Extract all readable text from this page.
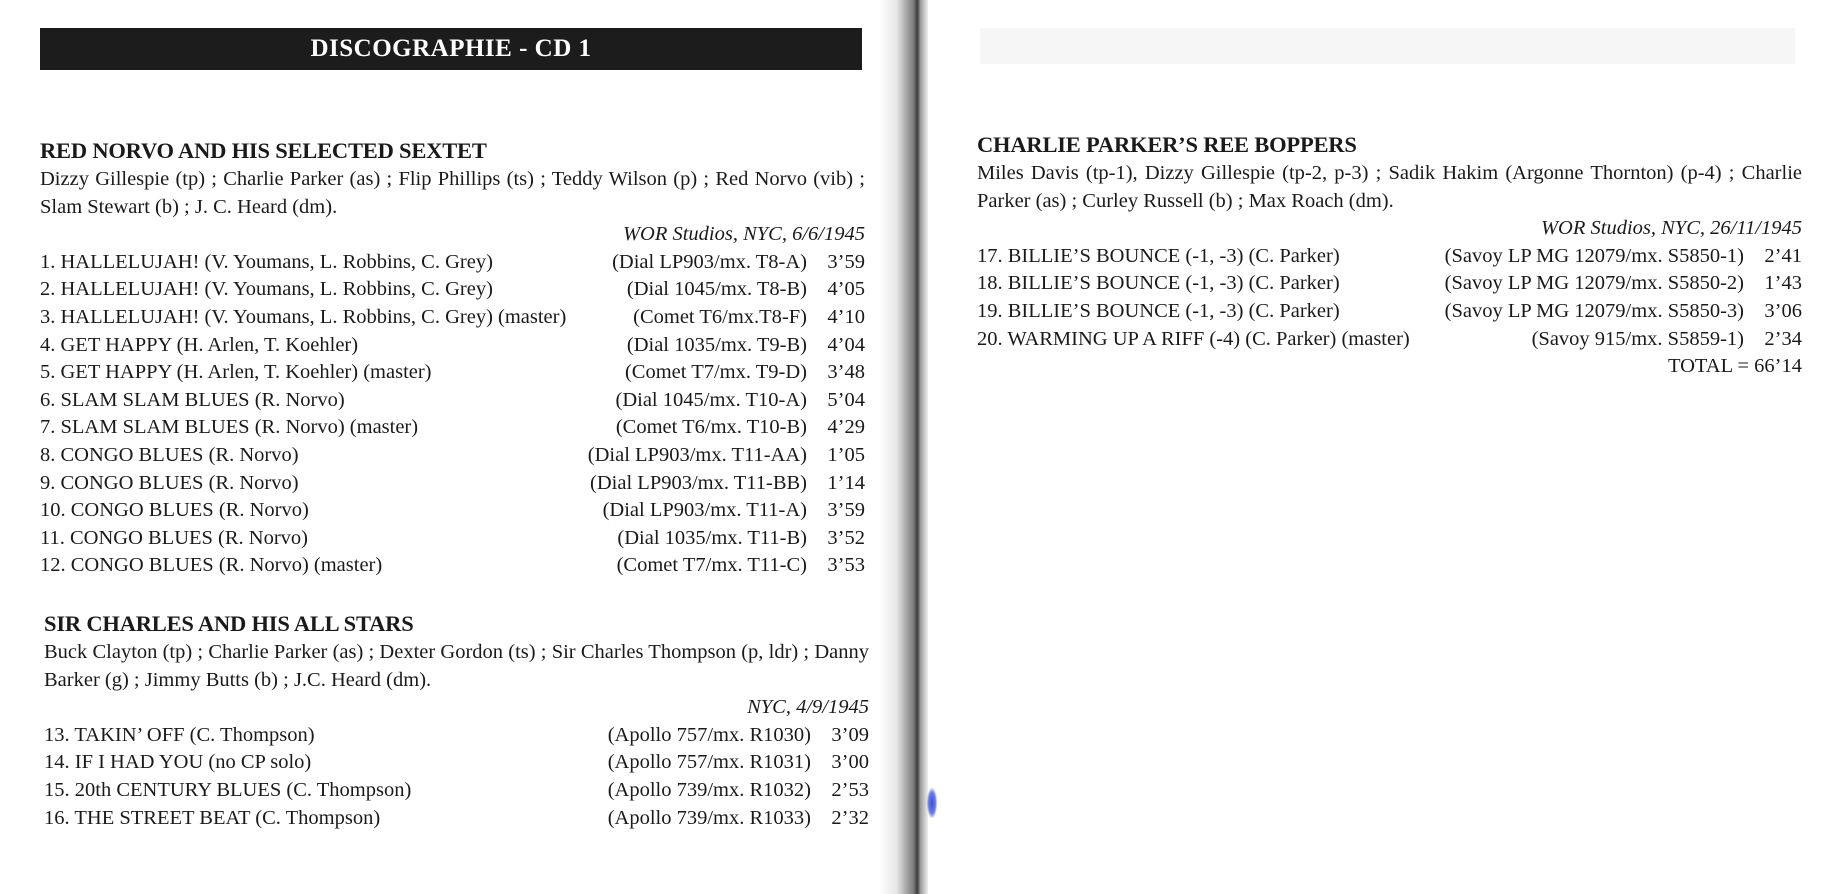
DISCOGRAPHIE - CD 1
RED NORVO AND HIS SELECTED SEXTET
Dizzy Gillespie (tp) ; Charlie Parker (as) ; Flip Phillips (ts) ; Teddy Wilson (p) ; Red Norvo (vib) ; Slam Stewart (b) ; J. C. Heard (dm).
WOR Studios, NYC, 6/6/1945
1. HALLELUJAH! (V. Youmans, L. Robbins, C. Grey)	(Dial LP903/mx. T8-A) 3’59
2. HALLELUJAH! (V. Youmans, L. Robbins, C. Grey)	(Dial 1045/mx. T8-B) 4’05
3. HALLELUJAH! (V. Youmans, L. Robbins, C. Grey) (master)	(Comet T6/mx.T8-F) 4’10
4. GET HAPPY (H. Arlen, T. Koehler)	(Dial 1035/mx. T9-B) 4’04
5. GET HAPPY (H. Arlen, T. Koehler) (master)	(Comet T7/mx. T9-D) 3’48
6. SLAM SLAM BLUES (R. Norvo)	(Dial 1045/mx. T10-A) 5’04
7. SLAM SLAM BLUES (R. Norvo) (master)	(Comet T6/mx. T10-B) 4’29
8. CONGO BLUES (R. Norvo)	(Dial LP903/mx. T11-AA) 1’05
9. CONGO BLUES (R. Norvo)	(Dial LP903/mx. T11-BB) 1’14
10. CONGO BLUES (R. Norvo)	(Dial LP903/mx. T11-A) 3’59
11. CONGO BLUES (R. Norvo)	(Dial 1035/mx. T11-B) 3’52
12. CONGO BLUES (R. Norvo) (master)	(Comet T7/mx. T11-C) 3’53
SIR CHARLES AND HIS ALL STARS
Buck Clayton (tp) ; Charlie Parker (as) ; Dexter Gordon (ts) ; Sir Charles Thompson (p, ldr) ; Danny Barker (g) ; Jimmy Butts (b) ; J.C. Heard (dm).
NYC, 4/9/1945
13. TAKIN’ OFF (C. Thompson)	(Apollo 757/mx. R1030) 3’09
14. IF I HAD YOU (no CP solo)	(Apollo 757/mx. R1031) 3’00
15. 20th CENTURY BLUES (C. Thompson)	(Apollo 739/mx. R1032) 2’53
16. THE STREET BEAT (C. Thompson)	(Apollo 739/mx. R1033) 2’32
CHARLIE PARKER’S REE BOPPERS
Miles Davis (tp-1), Dizzy Gillespie (tp-2, p-3) ; Sadik Hakim (Argonne Thornton) (p-4) ; Charlie Parker (as) ; Curley Russell (b) ; Max Roach (dm).
WOR Studios, NYC, 26/11/1945
17. BILLIE’S BOUNCE (-1, -3) (C. Parker)	(Savoy LP MG 12079/mx. S5850-1) 2’41
18. BILLIE’S BOUNCE (-1, -3) (C. Parker)	(Savoy LP MG 12079/mx. S5850-2) 1’43
19. BILLIE’S BOUNCE (-1, -3) (C. Parker)	(Savoy LP MG 12079/mx. S5850-3) 3’06
20. WARMING UP A RIFF (-4) (C. Parker) (master)	(Savoy 915/mx. S5859-1) 2’34
TOTAL = 66’14
